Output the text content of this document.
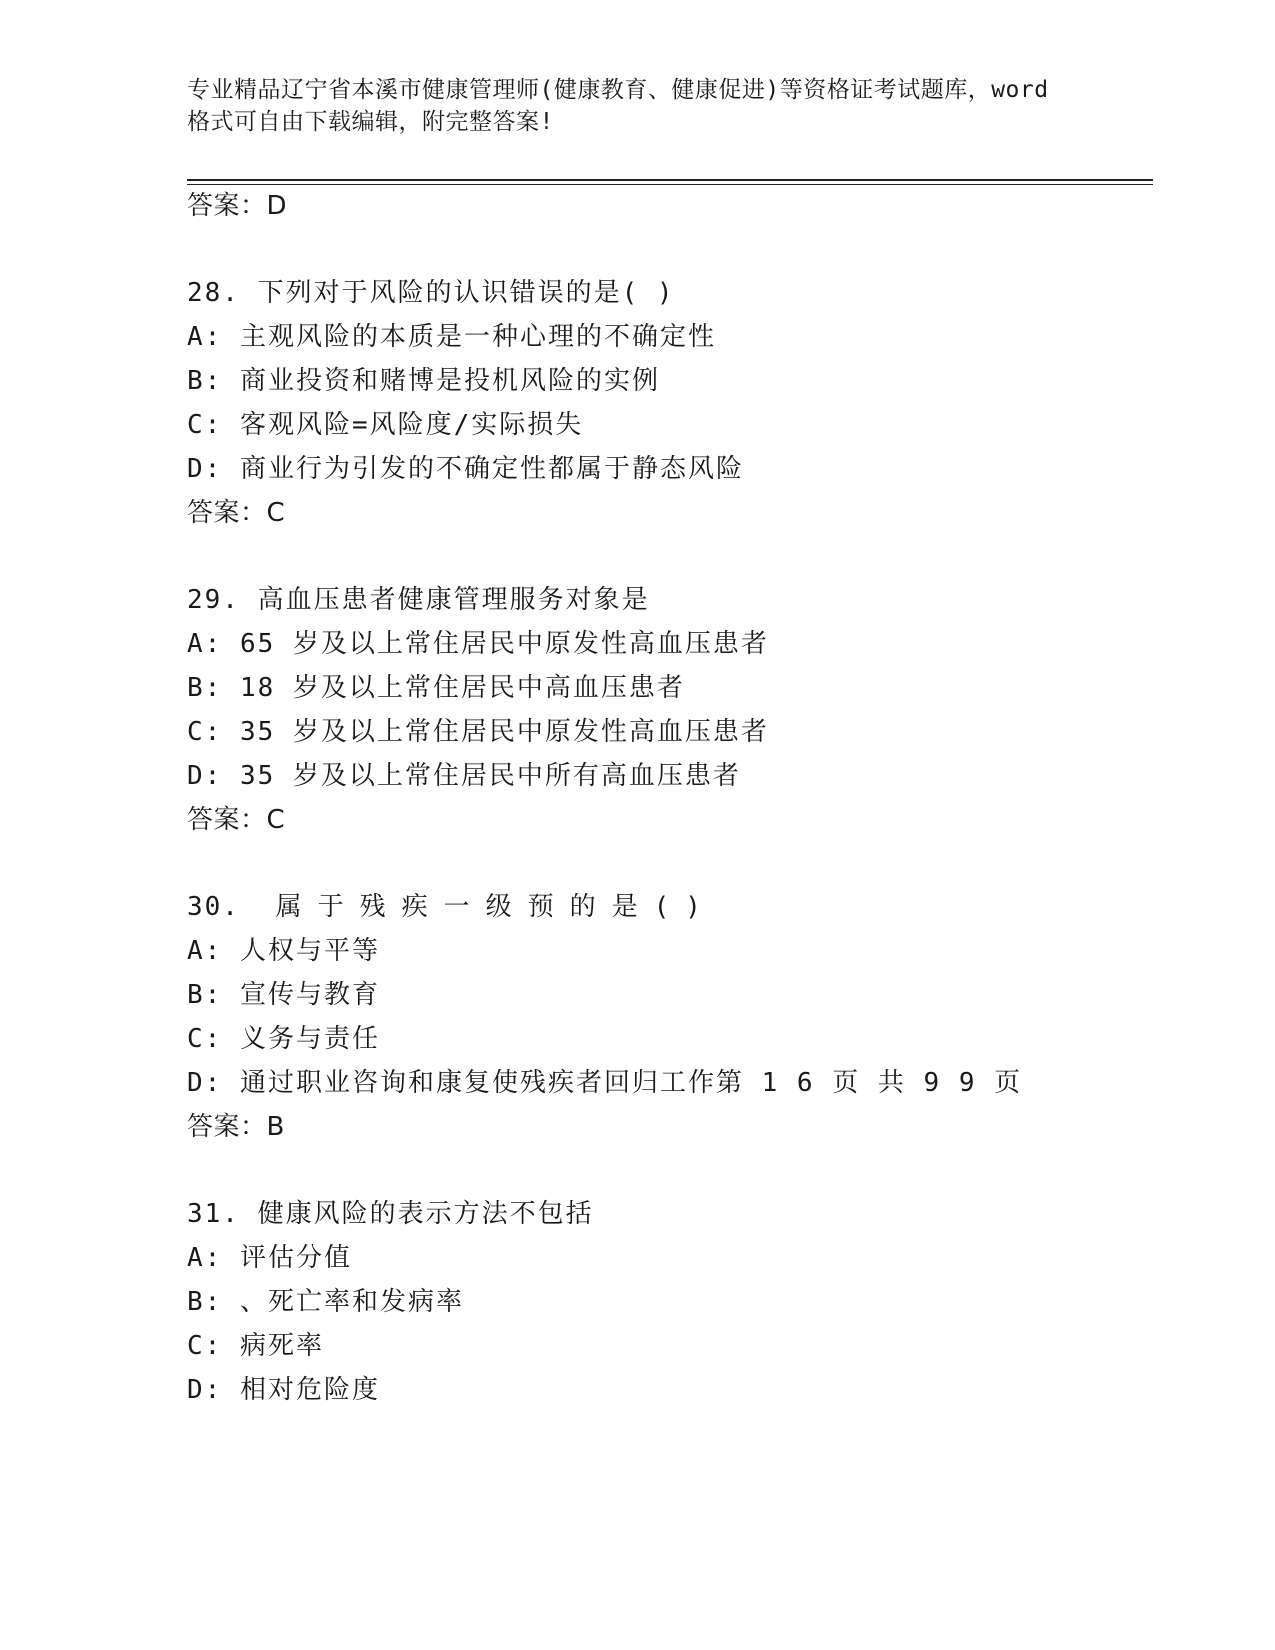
专业精品辽宁省本溪市健康管理师(健康教育、健康促进)等资格证考试题库，word
格式可自由下载编辑，附完整答案!
答案：D
28. 下列对于风险的认识错误的是( )
A: 主观风险的本质是一种心理的不确定性
B: 商业投资和赌博是投机风险的实例
C: 客观风险=风险度/实际损失
D: 商业行为引发的不确定性都属于静态风险
答案：C
29. 高血压患者健康管理服务对象是
A: 65 岁及以上常住居民中原发性高血压患者
B: 18 岁及以上常住居民中高血压患者
C: 35 岁及以上常住居民中原发性高血压患者
D: 35 岁及以上常住居民中所有高血压患者
答案：C
30. 属于残疾一级预的是()
A: 人权与平等
B: 宣传与教育
C: 义务与责任
D: 通过职业咨询和康复使残疾者回归工作第 1 6 页 共 9 9 页
答案：B
31. 健康风险的表示方法不包括
A: 评估分值
B: 、死亡率和发病率
C: 病死率
D: 相对危险度
